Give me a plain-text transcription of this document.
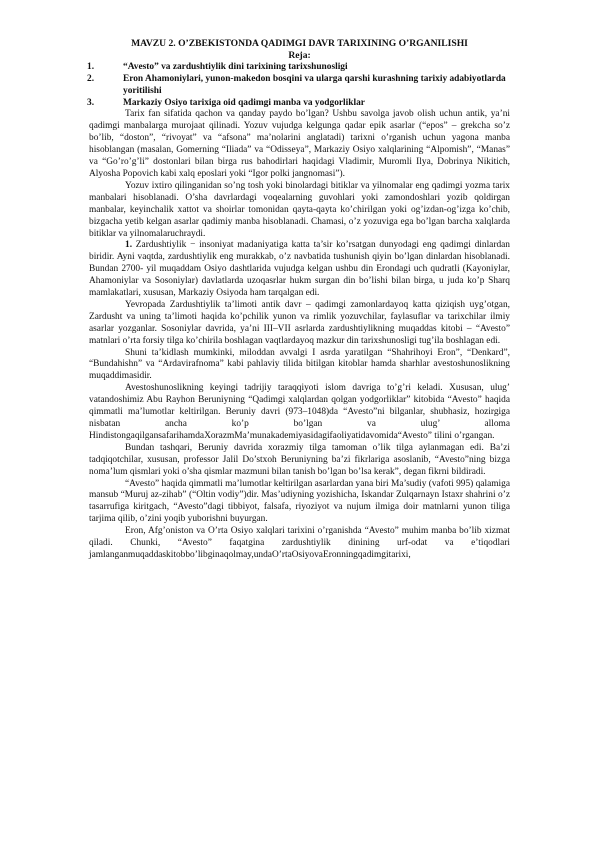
MAVZU 2. O’ZBEKISTONDA QADIMGI DAVR TARIXINING O’RGANILISHI
Reja:
1.	“Avesto” va zardushtiylik dini tarixining tarixshunosligi
2.	Eron Ahamoniylari, yunon-makedon bosqini va ularga qarshi kurashning tarixiy adabiyotlarda yoritilishi
3.	Markaziy Osiyo tarixiga oid qadimgi manba va yodgorliklar

Tarix fan sifatida qachon va qanday paydo bo’lgan? Ushbu savolga javob olish uchun antik, ya’ni qadimgi manbalarga murojaat qilinadi. Yozuv vujudga kelgunga qadar epik asarlar (“epos” – grekcha so’z bo’lib, “doston”, “rivoyat” va “afsona” ma’nolarini anglatadi) tarixni o’rganish uchun yagona manba hisoblangan (masalan, Gomerning “Iliada” va “Odisseya”, Markaziy Osiyo xalqlarining “Alpomish”, “Manas” va “Go’ro’g’li” dostonlari bilan birga rus bahodirlari haqidagi Vladimir, Muromli Ilya, Dobrinya Nikitich, Alyosha Popovich kabi xalq eposlari yoki “Igor polki jangnomasi”).

Yozuv ixtiro qilinganidan so’ng tosh yoki binolardagi bitiklar va yilnomalar eng qadimgi yozma tarix manbalari hisoblanadi. O’sha davrlardagi voqealarning guvohlari yoki zamondoshlari yozib qoldirgan manbalar, keyinchalik xattot va shoirlar tomonidan qayta-qayta ko’chirilgan yoki og’izdan-og’izga ko’chib, bizgacha yetib kelgan asarlar qadimiy manba hisoblanadi. Chamasi, o’z yozuviga ega bo’lgan barcha xalqlarda bitiklar va yilnomalaruchraydi.

1. Zardushtiylik − insoniyat madaniyatiga katta ta’sir ko’rsatgan dunyodagi eng qadimgi dinlardan biridir. Ayni vaqtda, zardushtiylik eng murakkab, o’z navbatida tushunish qiyin bo’lgan dinlardan hisoblanadi. Bundan 2700- yil muqaddam Osiyo dashtlarida vujudga kelgan ushbu din Erondagi uch qudratli (Kayoniylar, Ahamoniylar va Sosoniylar) davlatlarda uzoqasrlar hukm surgan din bo’lishi bilan birga, u juda ko’p Sharq mamlakatlari, xususan, Markaziy Osiyoda ham tarqalgan edi.

Yevropada Zardushtiylik ta’limoti antik davr – qadimgi zamonlardayoq katta qiziqish uyg’otgan, Zardusht va uning ta’limoti haqida ko’pchilik yunon va rimlik yozuvchilar, faylasuflar va tarixchilar ilmiy asarlar yozganlar. Sosoniylar davrida, ya’ni III–VII asrlarda zardushtiylikning muqaddas kitobi – “Avesto” matnlari o’rta forsiy tilga ko’chirila boshlagan vaqtlardayoq mazkur din tarixshunosligi tug’ila boshlagan edi.

Shuni ta’kidlash mumkinki, miloddan avvalgi I asrda yaratilgan “Shahrihoyi Eron”, “Denkard”, “Bundahishn” va “Ardavirafnoma” kabi pahlaviy tilida bitilgan kitoblar hamda sharhlar avestoshunoslikning muqaddimasidir.

Avestoshunoslikning keyingi tadrijiy taraqqiyoti islom davriga to’g’ri keladi. Xususan, ulug’ vatandoshimiz Abu Rayhon Beruniyning “Qadimgi xalqlardan qolgan yodgorliklar” kitobida “Avesto” haqida qimmatli ma’lumotlar keltirilgan. Beruniy davri (973–1048)da “Avesto”ni bilganlar, shubhasiz, hozirgiga nisbatan ancha ko’p bo’lgan va ulug’ alloma HindistongaqilgansafarihamdaXorazmMa’munakademiyasidagifaoliyatidavomida“Avesto” tilini o’rgangan.

Bundan tashqari, Beruniy davrida xorazmiy tilga tamoman o’lik tilga aylanmagan edi. Ba’zi tadqiqotchilar, xususan, professor Jalil Do’stxoh Beruniyning ba’zi fikrlariga asoslanib, “Avesto”ning bizga noma’lum qismlari yoki o’sha qismlar mazmuni bilan tanish bo’lgan bo’lsa kerak”, degan fikrni bildiradi.

“Avesto” haqida qimmatli ma’lumotlar keltirilgan asarlardan yana biri Ma’sudiy (vafoti 995) qalamiga mansub “Muruj az-zihab” (“Oltin vodiy”)dir. Mas’udiyning yozishicha, Iskandar Zulqarnayn Istaxr shahrini o’z tasarrufiga kiritgach, “Avesto”dagi tibbiyot, falsafa, riyoziyot va nujum ilmiga doir matnlarni yunon tiliga tarjima qilib, o’zini yoqib yuborishni buyurgan.

Eron, Afg’oniston va O’rta Osiyo xalqlari tarixini o’rganishda “Avesto” muhim manba bo’lib xizmat qiladi. Chunki, “Avesto” faqatgina zardushtiylik dinining urf-odat va e’tiqodlari jamlanganmuqaddaskitobbo’libginaqolmay,undaO’rtaOsiyovaEronningqadimgitarixi,
